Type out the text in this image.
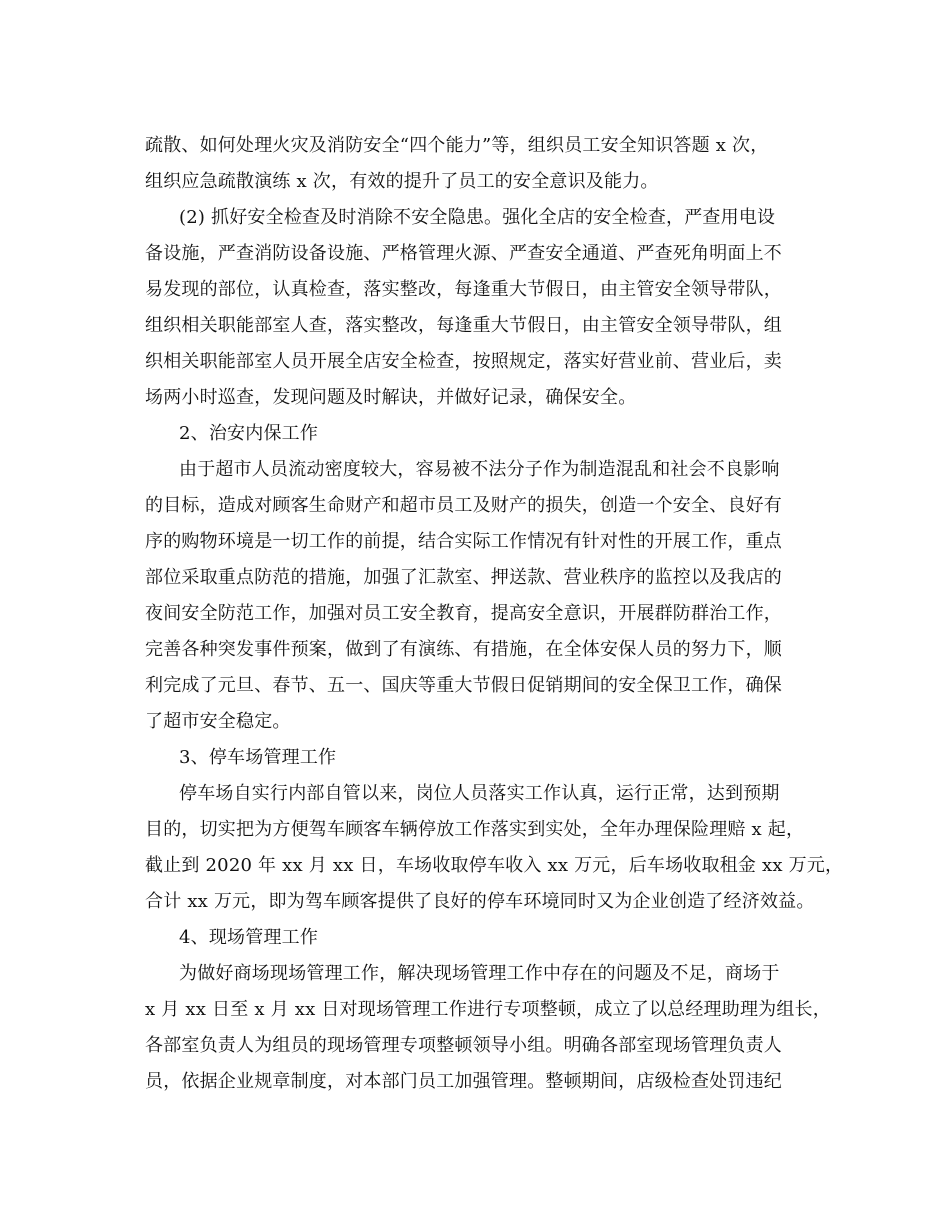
疏散、如何处理火灾及消防安全“四个能力”等，组织员工安全知识答题 x 次，
组织应急疏散演练 x 次，有效的提升了员工的安全意识及能力。
(2) 抓好安全检查及时消除不安全隐患。强化全店的安全检查，严查用电设
备设施，严查消防设备设施、严格管理火源、严查安全通道、严查死角明面上不
易发现的部位，认真检查，落实整改，每逢重大节假日，由主管安全领导带队，
组织相关职能部室人查，落实整改，每逢重大节假日，由主管安全领导带队，组
织相关职能部室人员开展全店安全检查，按照规定，落实好营业前、营业后，卖
场两小时巡查，发现问题及时解诀，并做好记录，确保安全。
2、治安内保工作
由于超市人员流动密度较大，容易被不法分子作为制造混乱和社会不良影响
的目标，造成对顾客生命财产和超市员工及财产的损失，创造一个安全、良好有
序的购物环境是一切工作的前提，结合实际工作情况有针对性的开展工作，重点
部位采取重点防范的措施，加强了汇款室、押送款、营业秩序的监控以及我店的
夜间安全防范工作，加强对员工安全教育，提高安全意识，开展群防群治工作，
完善各种突发事件预案，做到了有演练、有措施，在全体安保人员的努力下，顺
利完成了元旦、春节、五一、国庆等重大节假日促销期间的安全保卫工作，确保
了超市安全稳定。
3、停车场管理工作
停车场自实行内部自管以来，岗位人员落实工作认真，运行正常，达到预期
目的，切实把为方便驾车顾客车辆停放工作落实到实处，全年办理保险理赔 x 起，
截止到 2020 年 xx 月 xx 日，车场收取停车收入 xx 万元，后车场收取租金 xx 万元，
合计 xx 万元，即为驾车顾客提供了良好的停车环境同时又为企业创造了经济效益。
4、现场管理工作
为做好商场现场管理工作，解决现场管理工作中存在的问题及不足，商场于
x 月 xx 日至 x 月 xx 日对现场管理工作进行专项整顿，成立了以总经理助理为组长，
各部室负责人为组员的现场管理专项整顿领导小组。明确各部室现场管理负责人
员，依据企业规章制度，对本部门员工加强管理。整顿期间，店级检查处罚违纪
